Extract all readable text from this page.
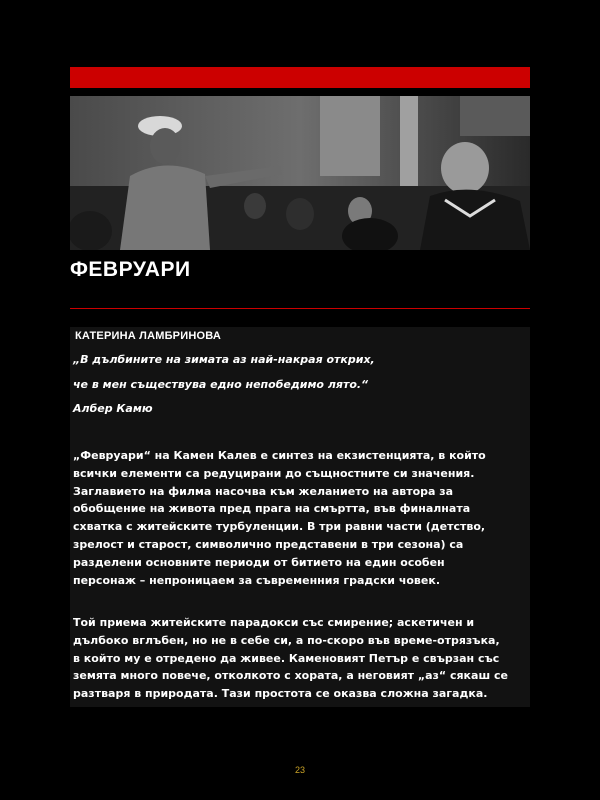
ФЕВРУАРИ
КАТЕРИНА ЛАМБРИНОВА
„В дълбините на зимата аз най-накрая открих,
че в мен съществува едно непобедимо лято.“
Албер Камю
„Февруари“ на Камен Калев е синтез на екзистенцията, в който
всички елементи са редуцирани до същностните си значения.
Заглавието на филма насочва към желанието на автора за
обобщение на живота пред прага на смъртта, във финалната
схватка с житейските турбуленции. В три равни части (детство,
зрелост и старост, символично представени в три сезона) са
разделени основните периоди от битието на един особен
персонаж – непроницаем за съвременния градски човек.
Той приема житейските парадокси със смирение; аскетичен и
дълбоко вглъбен, но не в себе си, а по-скоро във време-отрязъка,
в който му е отредено да живее. Каменовият Петър е свързан със
земята много повече, отколкото с хората, а неговият „аз“ сякаш се
разтваря в природата. Тази простота се оказва сложна загадка.
23
